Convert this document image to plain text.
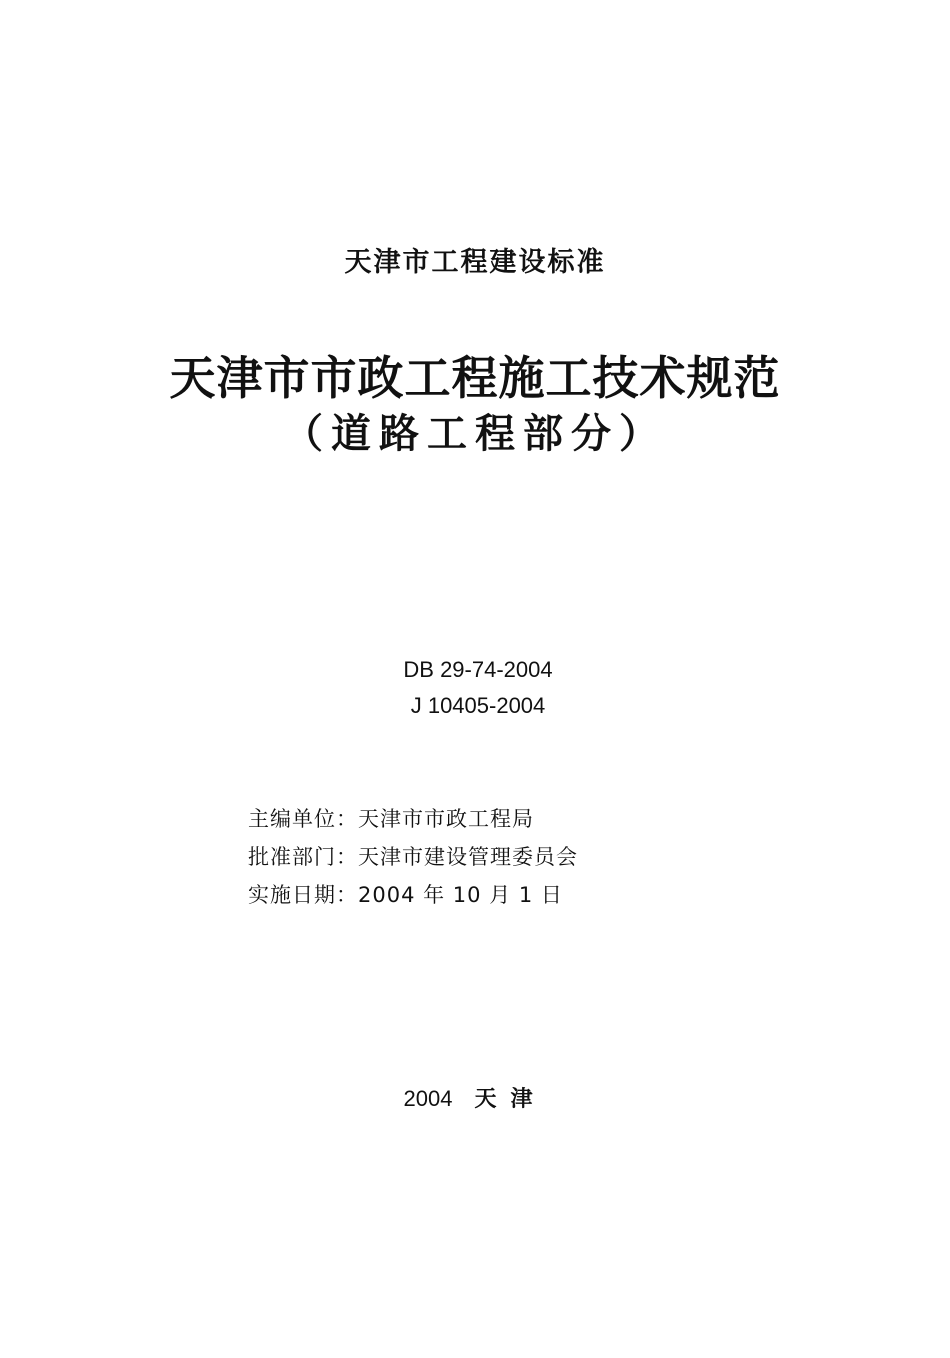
天津市工程建设标准
天津市市政工程施工技术规范
（道路工程部分）
DB 29-74-2004
J 10405-2004
主编单位：天津市市政工程局
批准部门：天津市建设管理委员会
实施日期：2004 年 10 月 1 日
2004 天津
